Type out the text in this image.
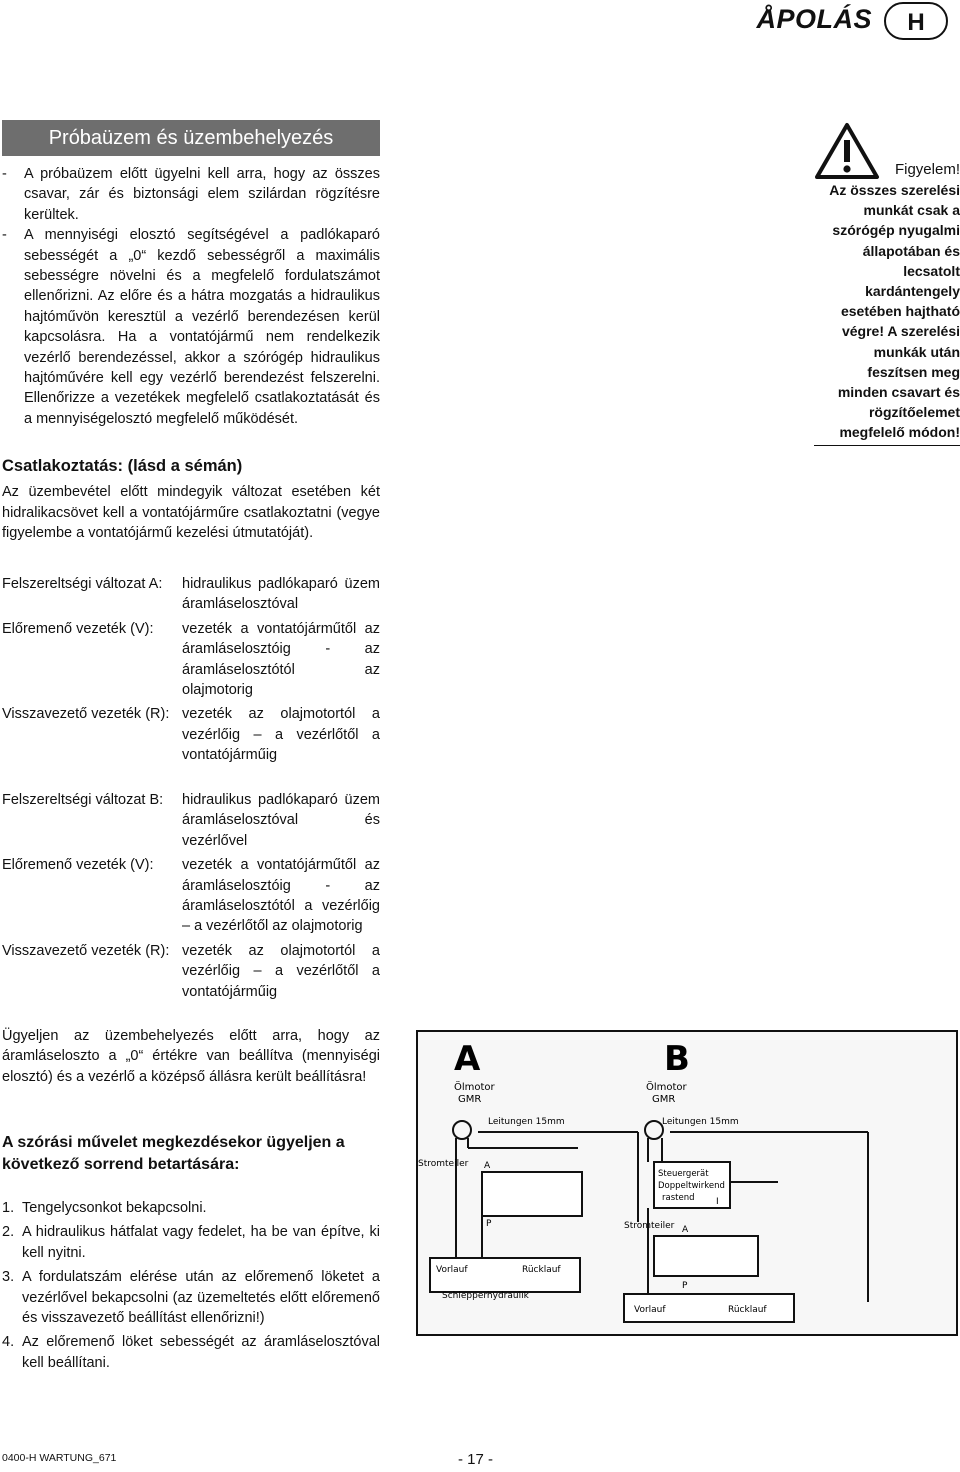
ÅPOLÁS	H
Próbaüzem és üzembehelyezés
- A próbaüzem előtt ügyelni kell arra, hogy az összes csavar, zár és biztonsági elem szilárdan rögzítésre kerültek.
- A mennyiségi elosztó segítségével a padlókaparó sebességét a „0“ kezdő sebességről a maximális sebességre növelni és a megfelelő fordulatszámot ellenőrizni. Az előre és a hátra mozgatás a hidraulikus hajtóművön keresztül a vezérlő berendezésen kerül kapcsolásra. Ha a vontatójármű nem rendelkezik vezérlő berendezéssel, akkor a szórógép hidraulikus hajtóművére kell egy vezérlő berendezést felszerelni. Ellenőrizze a vezetékek megfelelő csatlakoztatását és a mennyiségelosztó megfelelő működését.

Csatlakoztatás: (lásd a sémán)

Az üzembevétel előtt mindegyik változat esetében két hidralikacsövet kell a vontatójárműre csatlakoztatni (vegye figyelembe a vontatójármű kezelési útmutatóját).

Figyelem!
Az összes szerelési munkát csak a szórógép nyugalmi állapotában és lecsatolt kardántengely esetében hajtható végre! A szerelési munkák után feszítsen meg minden csavart és rögzítőelemet megfelelő módon!
Felszereltségi változat A:	hidraulikus padlókaparó üzem áramláselosztóval
Előremenő vezeték (V):	vezeték a vontatójárműtől az áramláselosztóig - az áramláselosztótól az olajmotorig
Visszavezető vezeték (R): vezeték az olajmotortól a vezérlőig – a vezérlőtől a vontatójárműig
Felszereltségi változat B:	hidraulikus padlókaparó üzem áramláselosztóval és vezérlővel
Előremenő vezeték (V):	vezeték a vontatójárműtől az áramláselosztóig - az áramláselosztótól a vezérlőig – a vezérlőtől az olajmotorig
Visszavezető vezeték (R): vezeték az olajmotortól a vezérlőig – a vezérlőtől a vontatójárműig
Ügyeljen az üzembehelyezés előtt arra, hogy az áramláseloszto a „0“ értékre van beállítva (mennyiségi elosztó) és a vezérlő a középső állásra került beállításra!

A szórási művelet megkezdésekor ügyeljen a következő sorrend betartására:

1. Tengelycsonkot bekapcsolni.
2. A hidraulikus hátfalat vagy fedelet, ha be van építve, ki kell nyitni.
3. A fordulatszám elérése után az előremenő löketet a vezérlővel bekapcsolni (az üzemeltetés előtt előremenő és visszavezető beállítást ellenőrizni!)
4. Az előremenő löket sebességét az áramláselosztóval kell beállítani.
A	B
Ölmotor
GMR
Leitungen 15mm
Stromteiler A
P
Vorlauf	Rücklauf
Schlepperhydraulik
Ölmotor
GMR
Leitungen 15mm
Steuergerät
Doppeltwirkend
rastend I
A
P
Stromteiler
Vorlauf	Rücklauf
0400-H WARTUNG_671	- 17 -
